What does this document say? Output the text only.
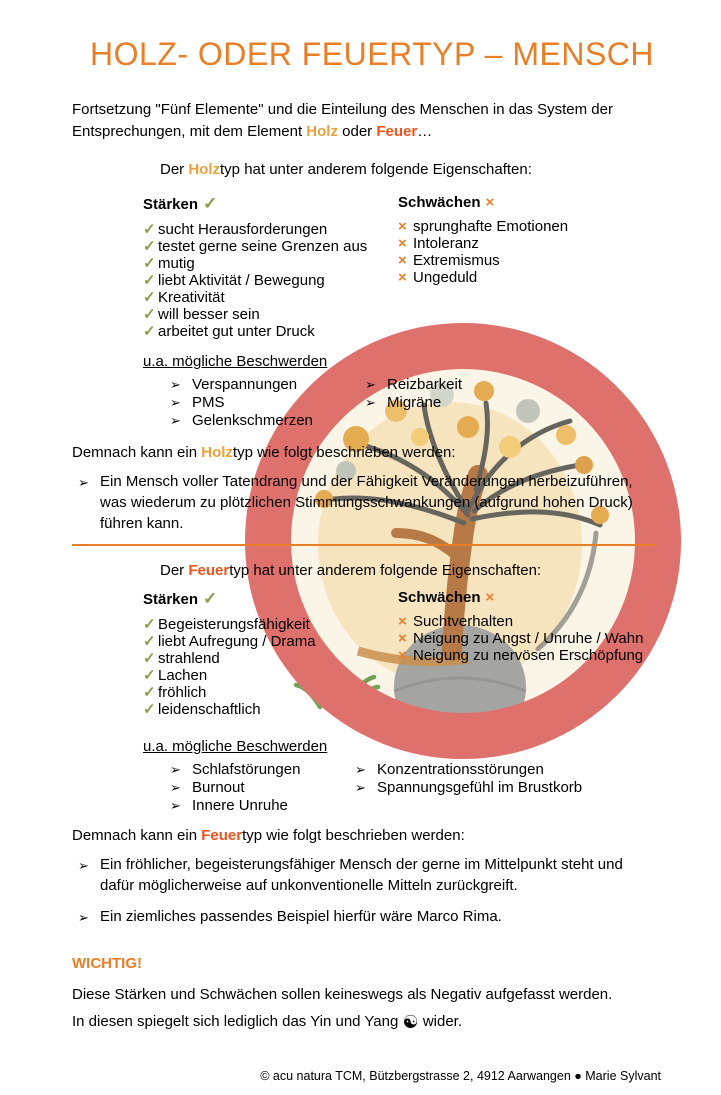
HOLZ- ODER FEUERTYP – MENSCH

Fortsetzung "Fünf Elemente" und die Einteilung des Menschen in das System der
Entsprechungen, mit dem Element Holz oder Feuer…

Der Holztyp hat unter anderem folgende Eigenschaften:

Stärken ✓
✓ sucht Herausforderungen
✓ testet gerne seine Grenzen aus
✓ mutig
✓ liebt Aktivität / Bewegung
✓ Kreativität
✓ will besser sein
✓ arbeitet gut unter Druck
Schwächen ×
× sprunghafte Emotionen
× Intoleranz
× Extremismus
× Ungeduld

u.a. mögliche Beschwerden

➢ Verspannungen
➢ PMS
➢ Gelenkschmerzen
➢ Reizbarkeit
➢ Migräne

Demnach kann ein Holztyp wie folgt beschrieben werden:

➢ Ein Mensch voller Tatendrang und der Fähigkeit Veränderungen herbeizuführen, was wiederum zu plötzlichen Stimmungsschwankungen (aufgrund hohen Druck) führen kann.

Der Feuertyp hat unter anderem folgende Eigenschaften:

Stärken ✓
✓ Begeisterungsfähigkeit
✓ liebt Aufregung / Drama
✓ strahlend
✓ Lachen
✓ fröhlich
✓ leidenschaftlich
Schwächen ×
× Suchtverhalten
× Neigung zu Angst / Unruhe / Wahn
× Neigung zu nervösen Erschöpfung

u.a. mögliche Beschwerden

➢ Schlafstörungen
➢ Burnout
➢ Innere Unruhe
➢ Konzentrationsstörungen
➢ Spannungsgefühl im Brustkorb

Demnach kann ein Feuertyp wie folgt beschrieben werden:

➢ Ein fröhlicher, begeisterungsfähiger Mensch der gerne im Mittelpunkt steht und dafür möglicherweise auf unkonventionelle Mitteln zurückgreift.
➢ Ein ziemliches passendes Beispiel hierfür wäre Marco Rima.

WICHTIG!

Diese Stärken und Schwächen sollen keineswegs als Negativ aufgefasst werden.

In diesen spiegelt sich lediglich das Yin und Yang ☯ wider.

© acu natura TCM, Bützbergstrasse 2, 4912 Aarwangen ● Marie Sylvant
